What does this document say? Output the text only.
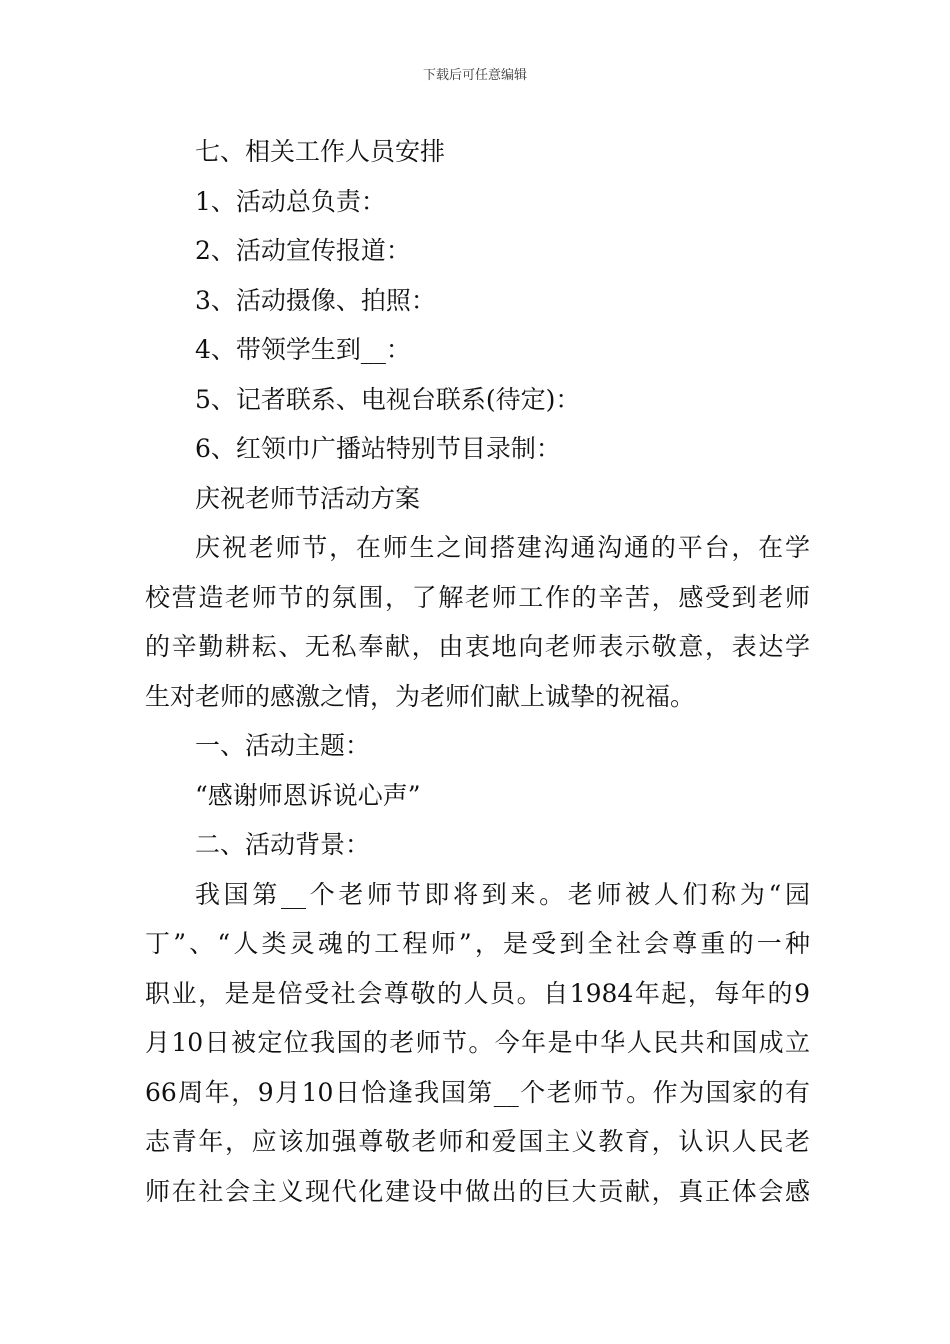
下载后可任意编辑
七、相关工作人员安排
1、活动总负责：
2、活动宣传报道：
3、活动摄像、拍照：
4、带领学生到__：
5、记者联系、电视台联系(待定)：
6、红领巾广播站特别节目录制：
庆祝老师节活动方案

庆祝老师节，在师生之间搭建沟通沟通的平台，在学

校营造老师节的氛围，了解老师工作的辛苦，感受到老师

的辛勤耕耘、无私奉献，由衷地向老师表示敬意，表达学

生对老师的感激之情，为老师们献上诚挚的祝福。

一、活动主题：
“感谢师恩诉说心声”
二、活动背景：

我国第__个老师节即将到来。老师被人们称为“园

丁”、“人类灵魂的工程师”，是受到全社会尊重的一种

职业，是是倍受社会尊敬的人员。自1984年起，每年的9

月10日被定位我国的老师节。今年是中华人民共和国成立

66周年，9月10日恰逢我国第__个老师节。作为国家的有

志青年，应该加强尊敬老师和爱国主义教育，认识人民老

师在社会主义现代化建设中做出的巨大贡献，真正体会感
